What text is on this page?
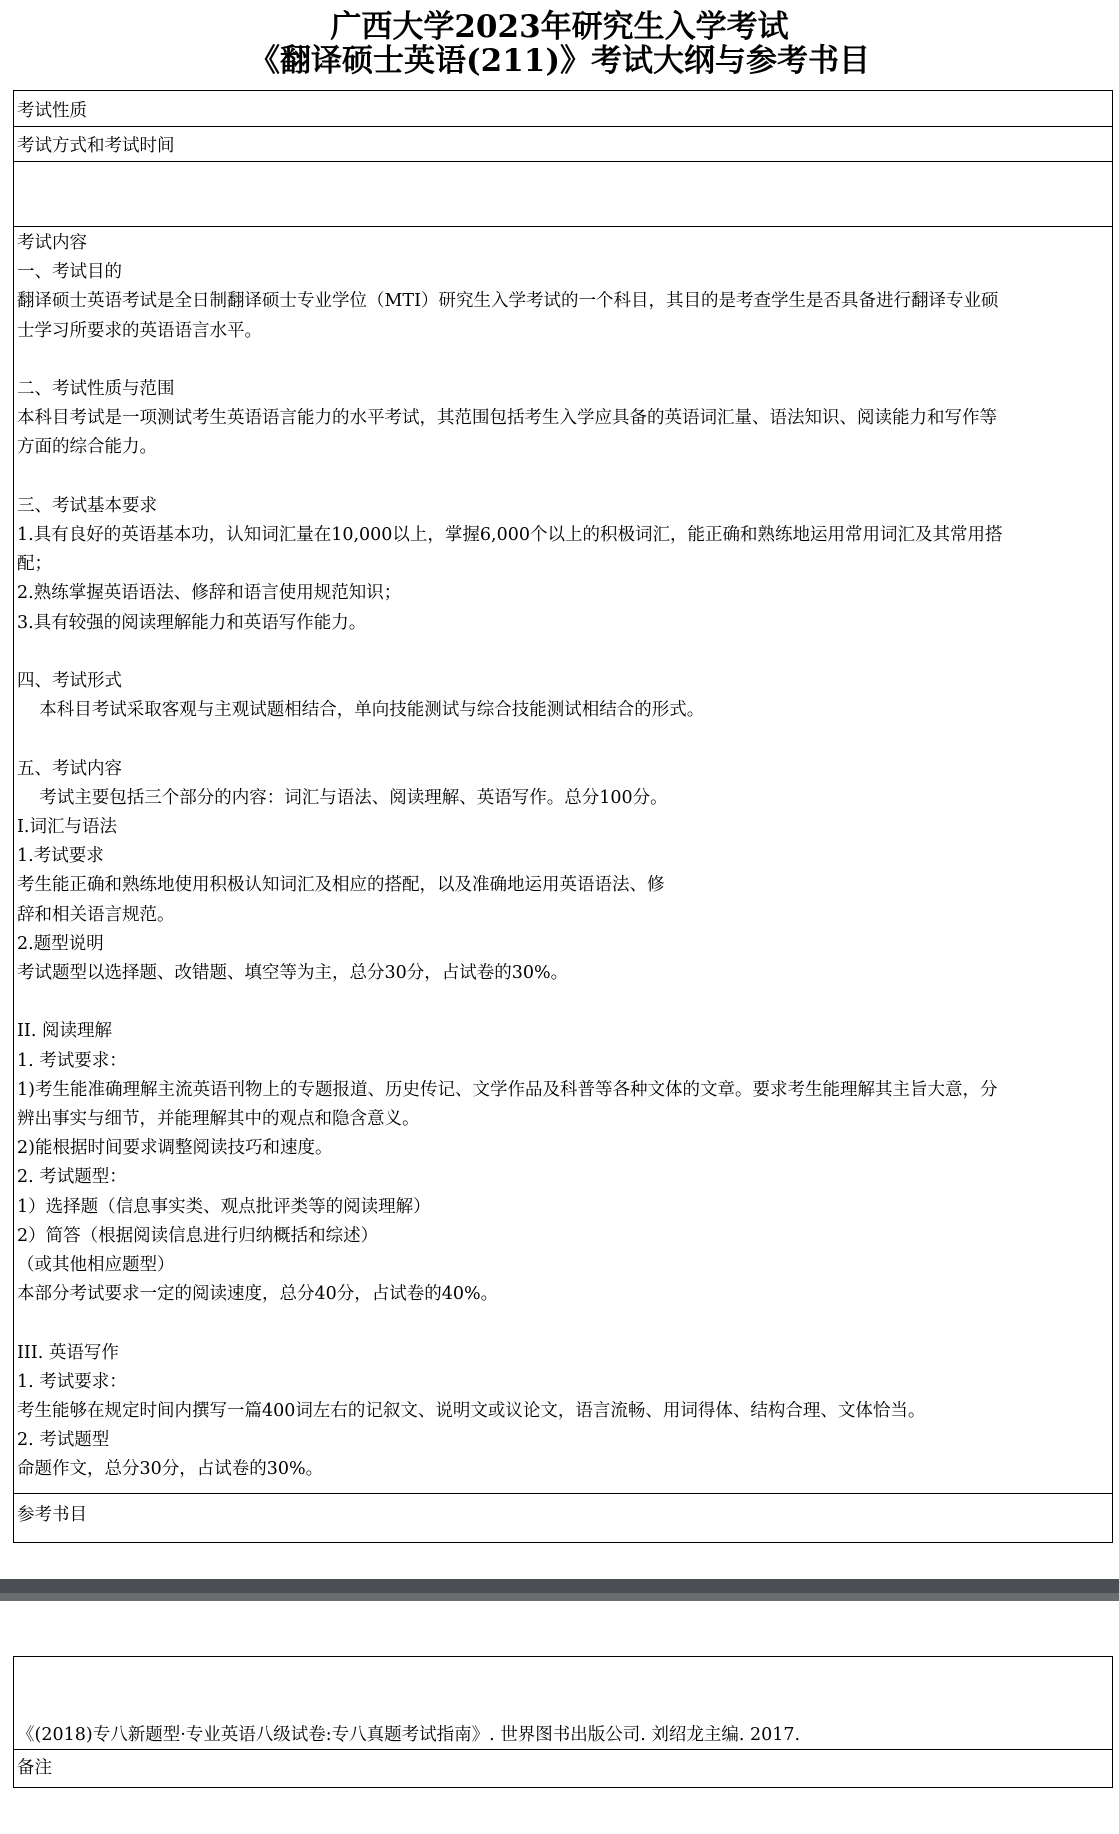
广西大学2023年研究生入学考试
《翻译硕士英语(211)》考试大纲与参考书目
考试性质
考试方式和考试时间

考试内容
一、考试目的
翻译硕士英语考试是全日制翻译硕士专业学位（MTI）研究生入学考试的一个科目，其目的是考查学生是否具备进行翻译专业硕
士学习所要求的英语语言水平。
二、考试性质与范围
本科目考试是一项测试考生英语语言能力的水平考试，其范围包括考生入学应具备的英语词汇量、语法知识、阅读能力和写作等
方面的综合能力。
三、考试基本要求
1.具有良好的英语基本功，认知词汇量在10,000以上，掌握6,000个以上的积极词汇，能正确和熟练地运用常用词汇及其常用搭
配；
2.熟练掌握英语语法、修辞和语言使用规范知识；
3.具有较强的阅读理解能力和英语写作能力。
四、考试形式
本科目考试采取客观与主观试题相结合，单向技能测试与综合技能测试相结合的形式。
五、考试内容
考试主要包括三个部分的内容：词汇与语法、阅读理解、英语写作。总分100分。
I.词汇与语法
1.考试要求
考生能正确和熟练地使用积极认知词汇及相应的搭配，以及准确地运用英语语法、修
辞和相关语言规范。
2.题型说明
考试题型以选择题、改错题、填空等为主，总分30分，占试卷的30%。
II. 阅读理解
1. 考试要求：
1)考生能准确理解主流英语刊物上的专题报道、历史传记、文学作品及科普等各种文体的文章。要求考生能理解其主旨大意，分
辨出事实与细节，并能理解其中的观点和隐含意义。
2)能根据时间要求调整阅读技巧和速度。
2. 考试题型：
1）选择题（信息事实类、观点批评类等的阅读理解）
2）简答（根据阅读信息进行归纳概括和综述）
（或其他相应题型）
本部分考试要求一定的阅读速度，总分40分，占试卷的40%。
III. 英语写作
1. 考试要求：
考生能够在规定时间内撰写一篇400词左右的记叙文、说明文或议论文，语言流畅、用词得体、结构合理、文体恰当。
2. 考试题型
命题作文，总分30分，占试卷的30%。
参考书目

《(2018)专八新题型·专业英语八级试卷:专八真题考试指南》. 世界图书出版公司. 刘绍龙主编. 2017.

备注
